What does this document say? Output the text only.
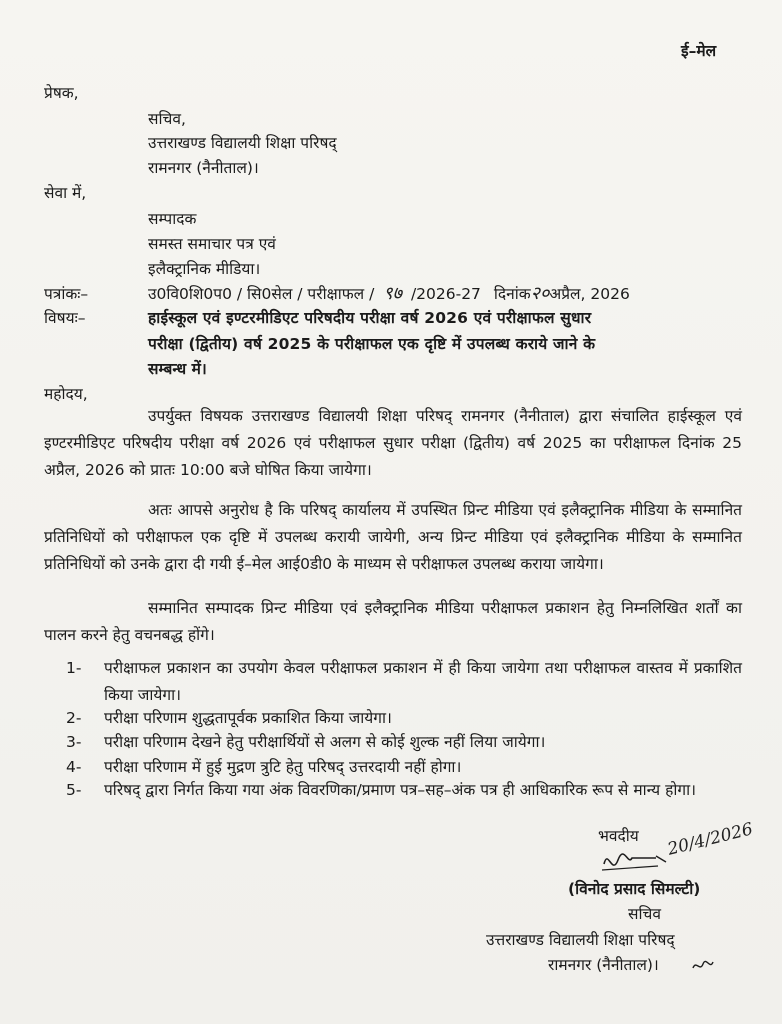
ई–मेल
प्रेषक,
सचिव,
उत्तराखण्ड विद्यालयी शिक्षा परिषद्
रामनगर (नैनीताल)।
सेवा में,
सम्पादक
समस्त समाचार पत्र एवं
इलैक्ट्रानिक मीडिया।
पत्रांकः–	उ0वि0शि0प0 / सि0सेल / परीक्षाफल / ९७ /2026-27 दिनांक२०अप्रैल, 2026
विषयः–	हाईस्कूल एवं इण्टरमीडिएट परिषदीय परीक्षा वर्ष 2026 एवं परीक्षाफल सुधार
परीक्षा (द्वितीय) वर्ष 2025 के परीक्षाफल एक दृष्टि में उपलब्ध कराये जाने के
सम्बन्ध में।
महोदय,
उपर्युक्त विषयक उत्तराखण्ड विद्यालयी शिक्षा परिषद् रामनगर (नैनीताल) द्वारा संचालित हाईस्कूल एवं इण्टरमीडिएट परिषदीय परीक्षा वर्ष 2026 एवं परीक्षाफल सुधार परीक्षा (द्वितीय) वर्ष 2025 का परीक्षाफल दिनांक 25 अप्रैल, 2026 को प्रातः 10:00 बजे घोषित किया जायेगा।
अतः आपसे अनुरोध है कि परिषद् कार्यालय में उपस्थित प्रिन्ट मीडिया एवं इलैक्ट्रानिक मीडिया के सम्मानित प्रतिनिधियों को परीक्षाफल एक दृष्टि में उपलब्ध करायी जायेगी, अन्य प्रिन्ट मीडिया एवं इलैक्ट्रानिक मीडिया के सम्मानित प्रतिनिधियों को उनके द्वारा दी गयी ई–मेल आई0डी0 के माध्यम से परीक्षाफल उपलब्ध कराया जायेगा।
सम्मानित सम्पादक प्रिन्ट मीडिया एवं इलैक्ट्रानिक मीडिया परीक्षाफल प्रकाशन हेतु निम्नलिखित शर्तों का पालन करने हेतु वचनबद्ध होंगे।
1- परीक्षाफल प्रकाशन का उपयोग केवल परीक्षाफल प्रकाशन में ही किया जायेगा तथा परीक्षाफल वास्तव में प्रकाशित किया जायेगा।
2- परीक्षा परिणाम शुद्धतापूर्वक प्रकाशित किया जायेगा।
3- परीक्षा परिणाम देखने हेतु परीक्षार्थियों से अलग से कोई शुल्क नहीं लिया जायेगा।
4- परीक्षा परिणाम में हुई मुद्रण त्रुटि हेतु परिषद् उत्तरदायी नहीं होगा।
5- परिषद् द्वारा निर्गत किया गया अंक विवरणिका/प्रमाण पत्र–सह–अंक पत्र ही आधिकारिक रूप से मान्य होगा।
भवदीय 20/4/2026
(विनोद प्रसाद सिमल्टी)
सचिव
उत्तराखण्ड विद्यालयी शिक्षा परिषद्
रामनगर (नैनीताल)।
